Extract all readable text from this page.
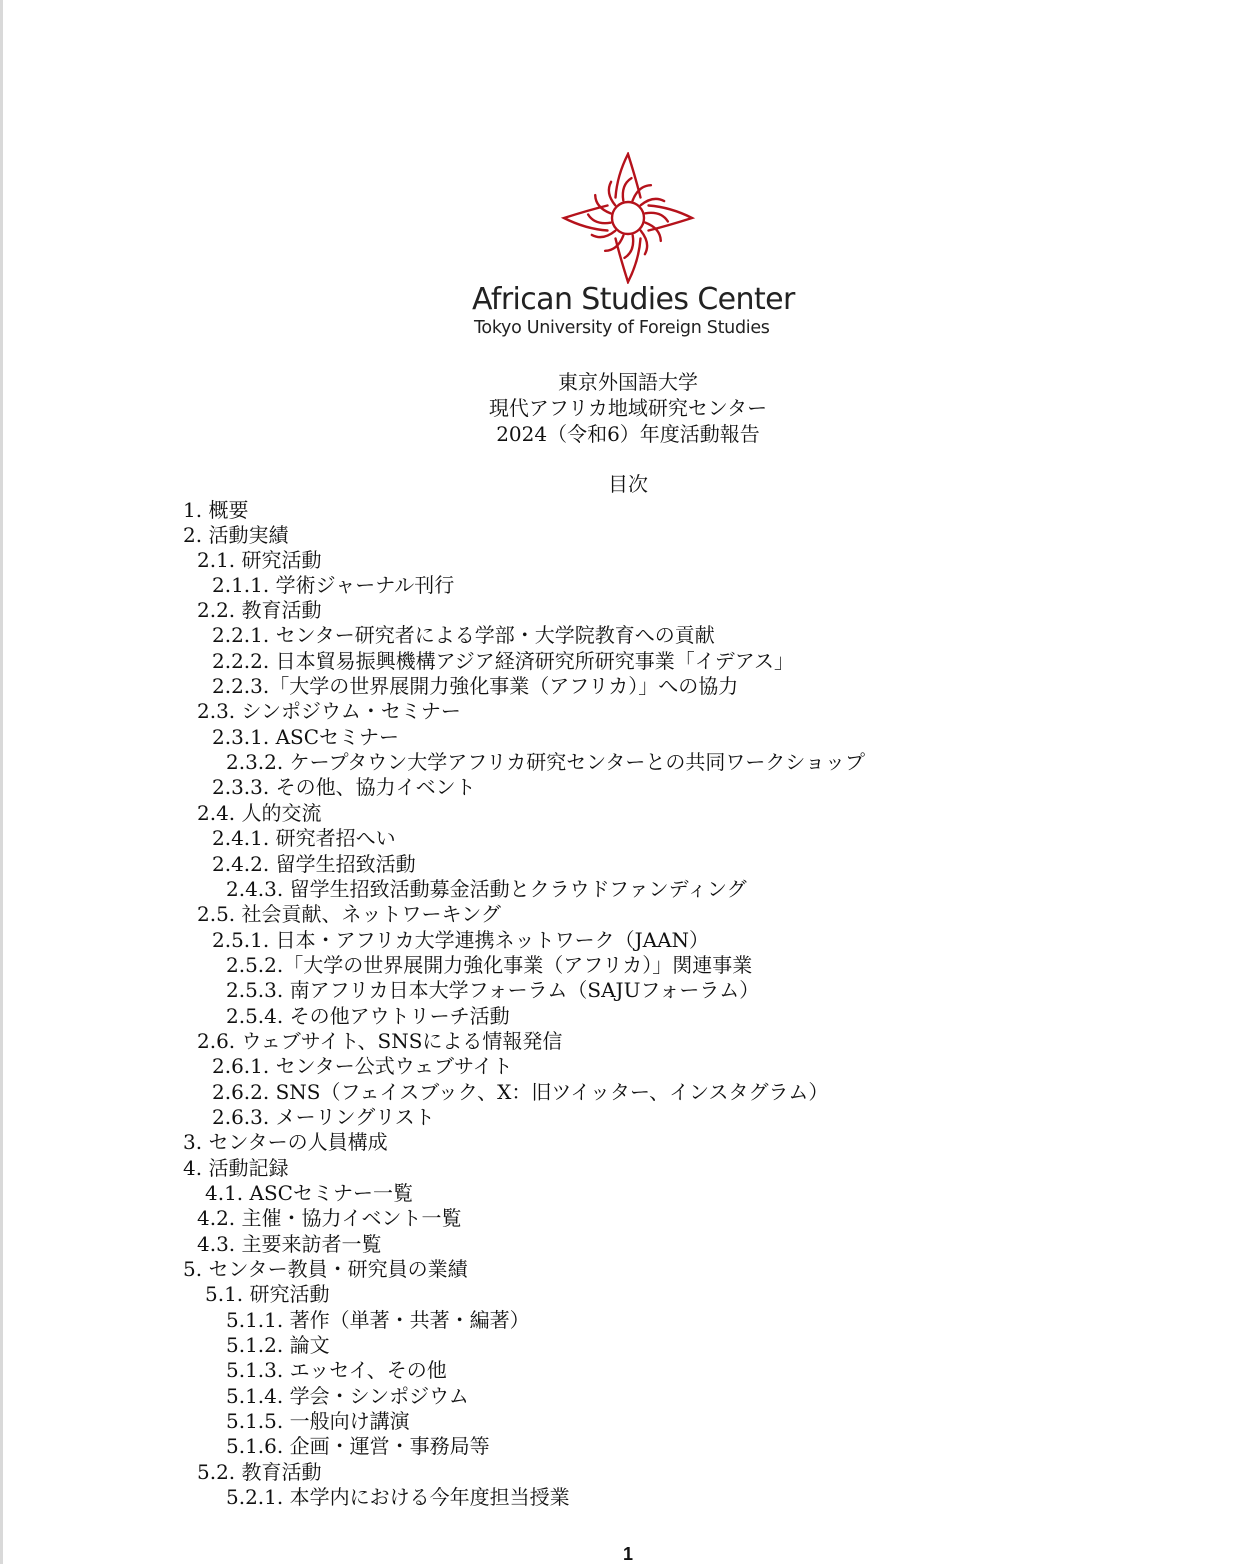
African Studies Center
Tokyo University of Foreign Studies
東京外国語大学
現代アフリカ地域研究センター
2024（令和6）年度活動報告
目次
1. 概要
2. 活動実績
2.1. 研究活動
2.1.1. 学術ジャーナル刊行
2.2. 教育活動
2.2.1. センター研究者による学部・大学院教育への貢献
2.2.2. 日本貿易振興機構アジア経済研究所研究事業「イデアス」
2.2.3.「大学の世界展開力強化事業（アフリカ）」への協力
2.3. シンポジウム・セミナー
2.3.1. ASCセミナー
2.3.2. ケープタウン大学アフリカ研究センターとの共同ワークショップ
2.3.3. その他、協力イベント
2.4. 人的交流
2.4.1. 研究者招へい
2.4.2. 留学生招致活動
2.4.3. 留学生招致活動募金活動とクラウドファンディング
2.5. 社会貢献、ネットワーキング
2.5.1. 日本・アフリカ大学連携ネットワーク（JAAN）
2.5.2.「大学の世界展開力強化事業（アフリカ）」関連事業
2.5.3. 南アフリカ日本大学フォーラム（SAJUフォーラム）
2.5.4. その他アウトリーチ活動
2.6. ウェブサイト、SNSによる情報発信
2.6.1. センター公式ウェブサイト
2.6.2. SNS（フェイスブック、X：旧ツイッター、インスタグラム）
2.6.3. メーリングリスト
3. センターの人員構成
4. 活動記録
4.1. ASCセミナー一覧
4.2. 主催・協力イベント一覧
4.3. 主要来訪者一覧
5. センター教員・研究員の業績
5.1. 研究活動
5.1.1. 著作（単著・共著・編著）
5.1.2. 論文
5.1.3. エッセイ、その他
5.1.4. 学会・シンポジウム
5.1.5. 一般向け講演
5.1.6. 企画・運営・事務局等
5.2. 教育活動
5.2.1. 本学内における今年度担当授業
1
